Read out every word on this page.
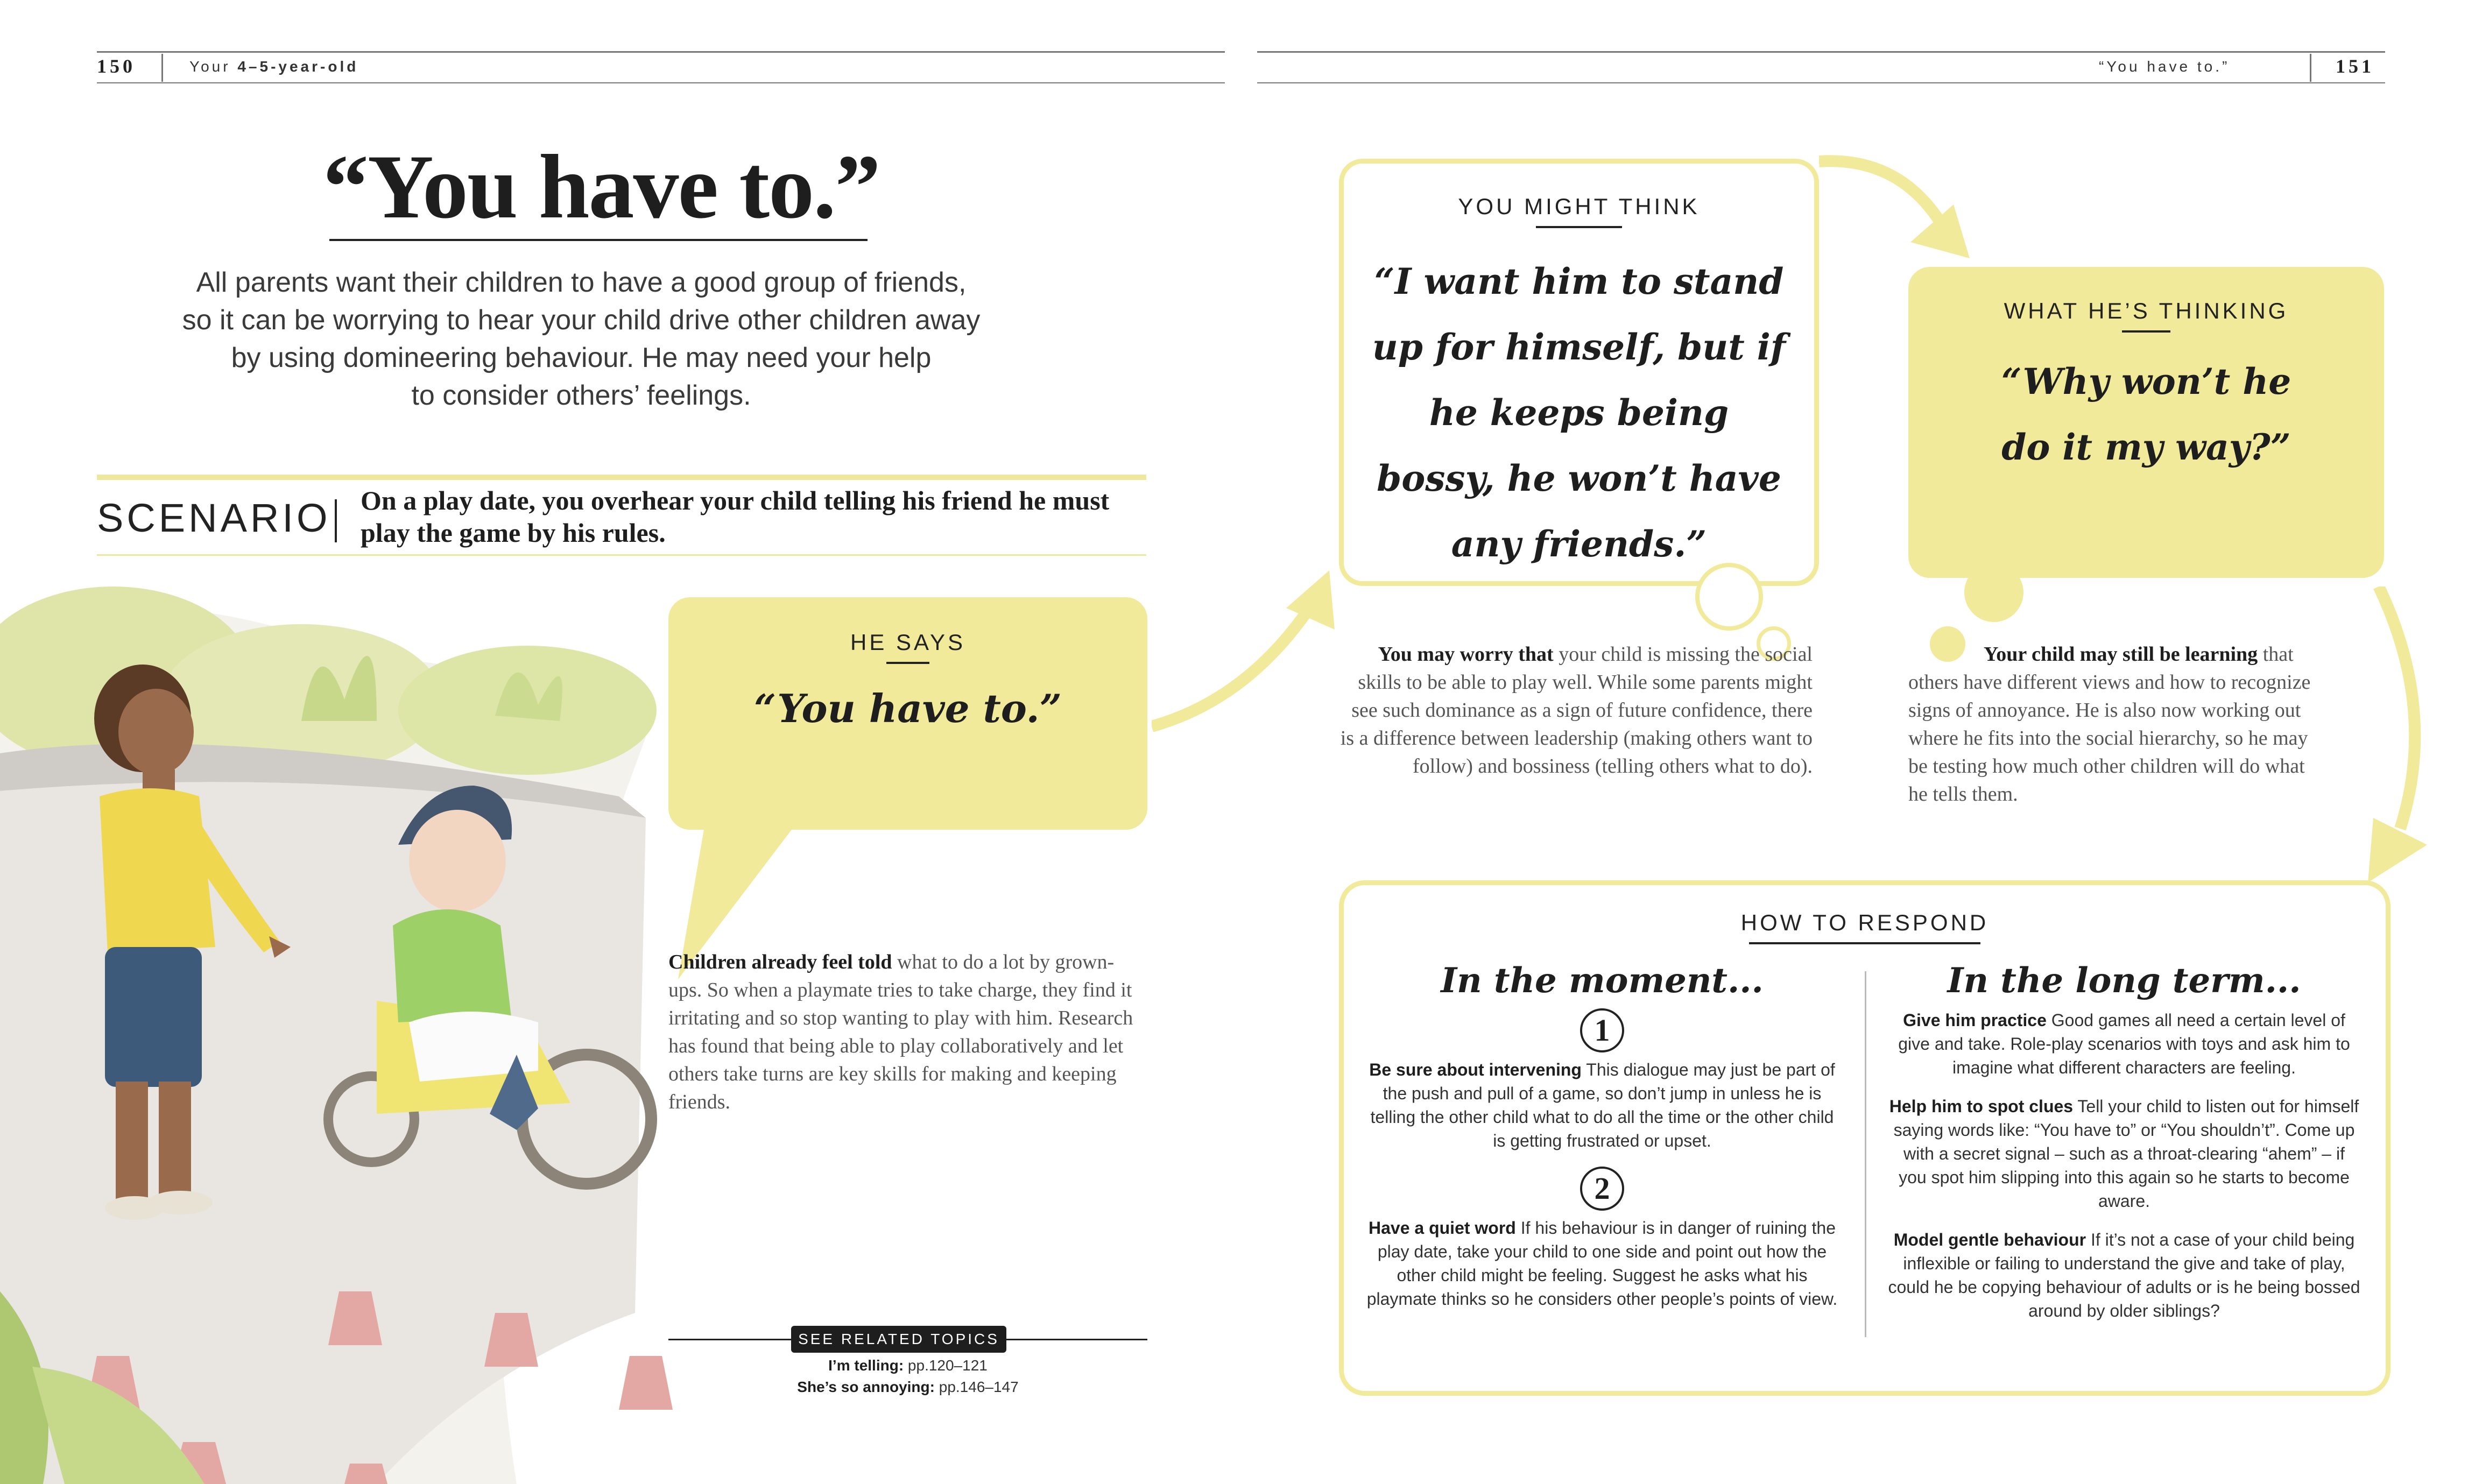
150	Your 4–5-year-old	“You have to.”	151
“You have to.”
All parents want their children to have a good group of friends,
so it can be worrying to hear your child drive other children away
by using domineering behaviour. He may need your help
to consider others’ feelings.
SCENARIO On a play date, you overhear your child telling his friend he must play the game by his rules.
HE SAYS
“You have to.”
Children already feel told what to do a lot by grown-ups. So when a playmate tries to take charge, they find it irritating and so stop wanting to play with him. Research has found that being able to play collaboratively and let others take turns are key skills for making and keeping friends.
YOU MIGHT THINK
“I want him to stand up for himself, but if he keeps being bossy, he won’t have any friends.”
You may worry that your child is missing the social skills to be able to play well. While some parents might see such dominance as a sign of future confidence, there is a difference between leadership (making others want to follow) and bossiness (telling others what to do).
WHAT HE’S THINKING
“Why won’t he do it my way?”
Your child may still be learning that others have different views and how to recognize signs of annoyance. He is also now working out where he fits into the social hierarchy, so he may be testing how much other children will do what he tells them.
HOW TO RESPOND
In the moment...
1
Be sure about intervening This dialogue may just be part of the push and pull of a game, so don’t jump in unless he is telling the other child what to do all the time or the other child is getting frustrated or upset.
2
Have a quiet word If his behaviour is in danger of ruining the play date, take your child to one side and point out how the other child might be feeling. Suggest he asks what his playmate thinks so he considers other people’s points of view.
In the long term...
Give him practice Good games all need a certain level of give and take. Role-play scenarios with toys and ask him to imagine what different characters are feeling.
Help him to spot clues Tell your child to listen out for himself saying words like: “You have to” or “You shouldn’t”. Come up with a secret signal – such as a throat-clearing “ahem” – if you spot him slipping into this again so he starts to become aware.
Model gentle behaviour If it’s not a case of your child being inflexible or failing to understand the give and take of play, could he be copying behaviour of adults or is he being bossed around by older siblings?
SEE RELATED TOPICS
I’m telling: pp.120–121
She’s so annoying: pp.146–147
